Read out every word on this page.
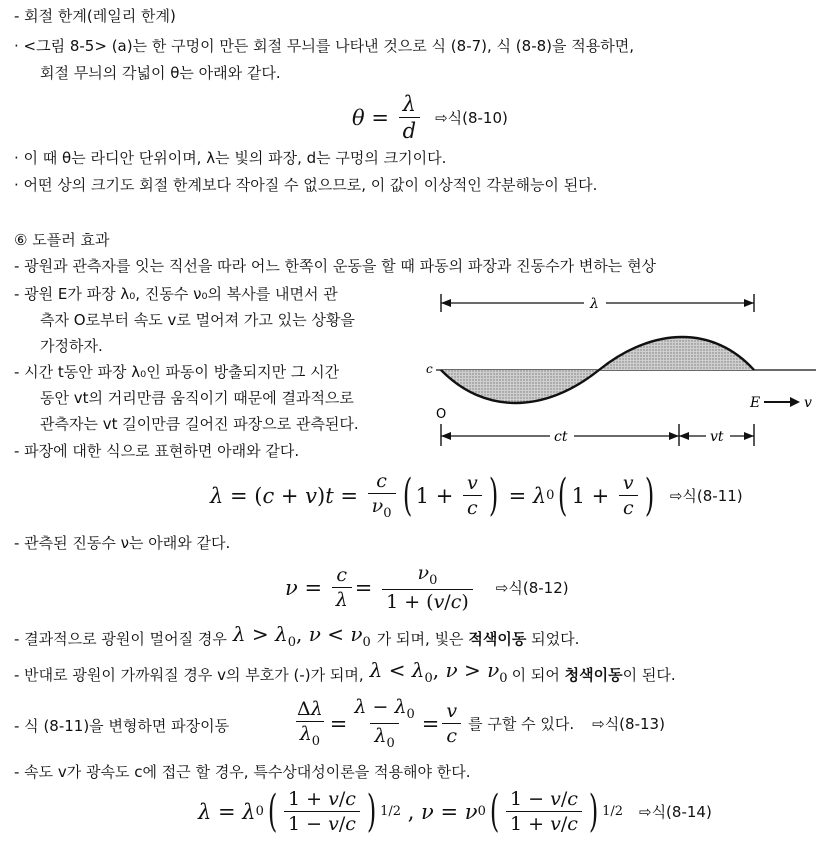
- 회절 한계(레일리 한계)
· <그림 8-5> (a)는 한 구멍이 만든 회절 무늬를 나타낸 것으로 식 (8-7), 식 (8-8)을 적용하면,
회절 무늬의 각넓이 θ는 아래와 같다.
$\theta = \frac{\lambda}{d}$ ⇨식(8-10)
· 이 때 θ는 라디안 단위이며, λ는 빛의 파장, d는 구멍의 크기이다.
· 어떤 상의 크기도 회절 한계보다 작아질 수 없으므로, 이 값이 이상적인 각분해능이 된다.
⑥ 도플러 효과
- 광원과 관측자를 잇는 직선을 따라 어느 한쪽이 운동을 할 때 파동의 파장과 진동수가 변하는 현상
- 광원 E가 파장 λ₀, 진동수 ν₀의 복사를 내면서 관
측자 O로부터 속도 v로 멀어져 가고 있는 상황을
가정하자.
- 시간 t동안 파장 λ₀인 파동이 방출되지만 그 시간
동안 vt의 거리만큼 움직이기 때문에 결과적으로
관측자는 vt 길이만큼 길어진 파장으로 관측된다.
- 파장에 대한 식으로 표현하면 아래와 같다.
λ
c
O
E	v
ct	vt
λ = ( c + v ) $t = \frac{c}{\nu_0}$ ( $1 + \frac{v}{c}$ ) = λ 0 ( $1 + \frac{v}{c}$ ) ⇨식(8-11)
- 관측된 진동수 ν는 아래와 같다.
$\nu = \frac{c}{\lambda} = \frac{\nu_0}{1 + (v/c)}$ ⇨식(8-12)
- 결과적으로 광원이 멀어질 경우 $\lambda > \lambda_0$, $\nu < \nu_0$ 가 되며, 빛은
적색이동
되었다.
- 반대로 광원이 가까워질 경우 v의 부호가 (-)가 되며, $\lambda < \lambda_0$, $\nu > \nu_0$ 이 되어
청색이동 이 된다.
- 식 (8-11)을 변형하면 파장이동	$\frac{\Delta\lambda}{\lambda_0} = \frac{\lambda - \lambda_0}{\lambda_0} = \frac{v}{c}$ 를 구할 수 있다. ⇨식(8-13)
- 속도 v가 광속도 c에 접근 할 경우, 특수상대성이론을 적용해야 한다.
λ = λ 0 ( 1 + v/c
1 − v/c ) 1/2 , ν = ν 0 ( 1 − v/c
1 + v/c ) 1/2 ⇨식(8-14)
